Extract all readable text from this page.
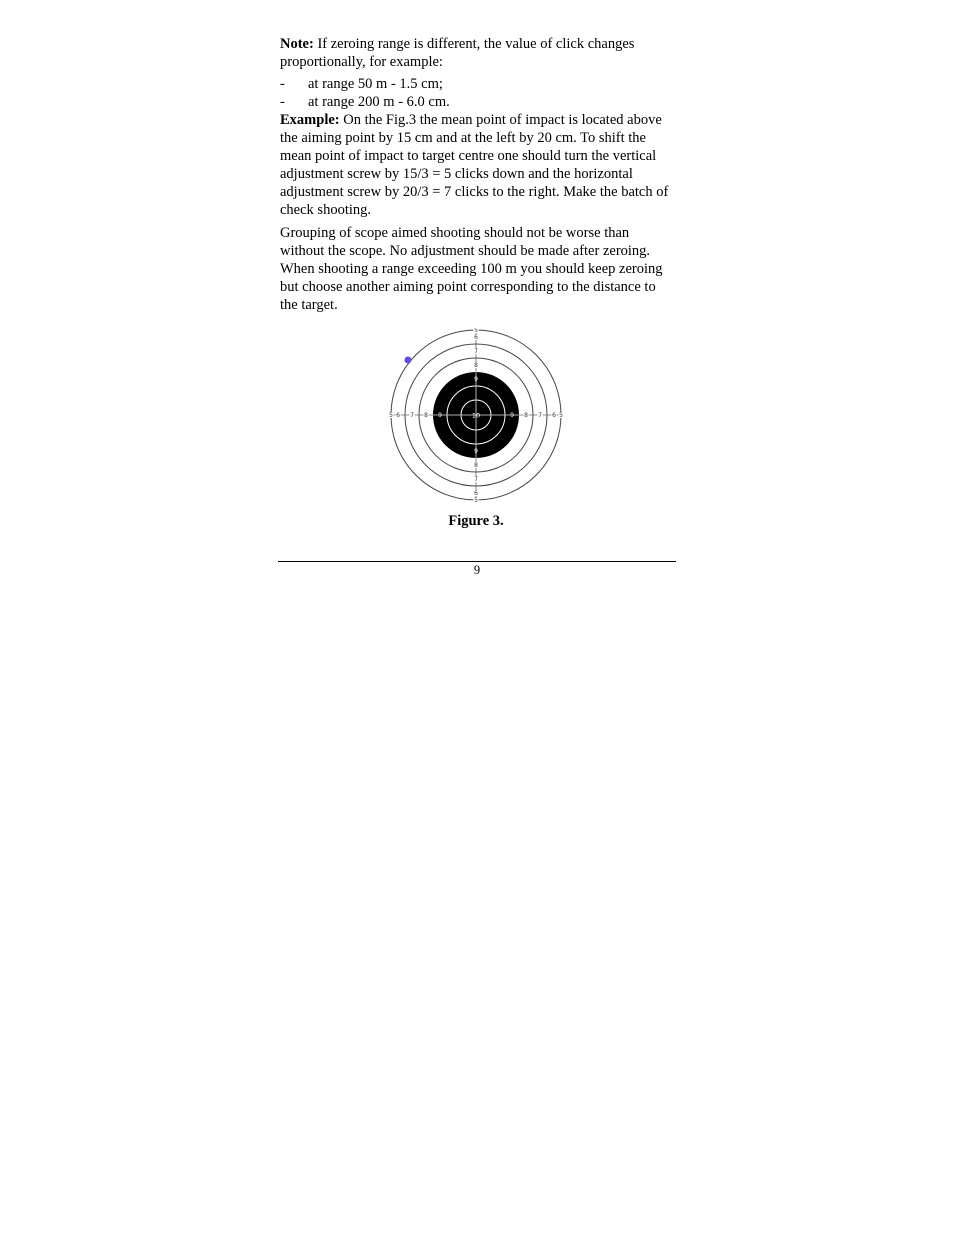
Note: If zeroing range is different, the value of click changes proportionally, for example:

-	at range 50 m - 1.5 cm;
-	at range 200 m - 6.0 cm.

Example: On the Fig.3 the mean point of impact is located above the aiming point by 15 cm and at the left by 20 cm. To shift the mean point of impact to target centre one should turn the vertical adjustment screw by 15/3 = 5 clicks down and the horizontal adjustment screw by 20/3 = 7 clicks to the right. Make the batch of check shooting.

Grouping of scope aimed shooting should not be worse than without the scope. No adjustment should be made after zeroing. When shooting a range exceeding 100 m you should keep zeroing but choose another aiming point corresponding to the distance to the target.

5
5
5
5
6
6
6
6
7
7
7
7
8
8
8
8
9
9
9
9
10
Figure 3.
9
